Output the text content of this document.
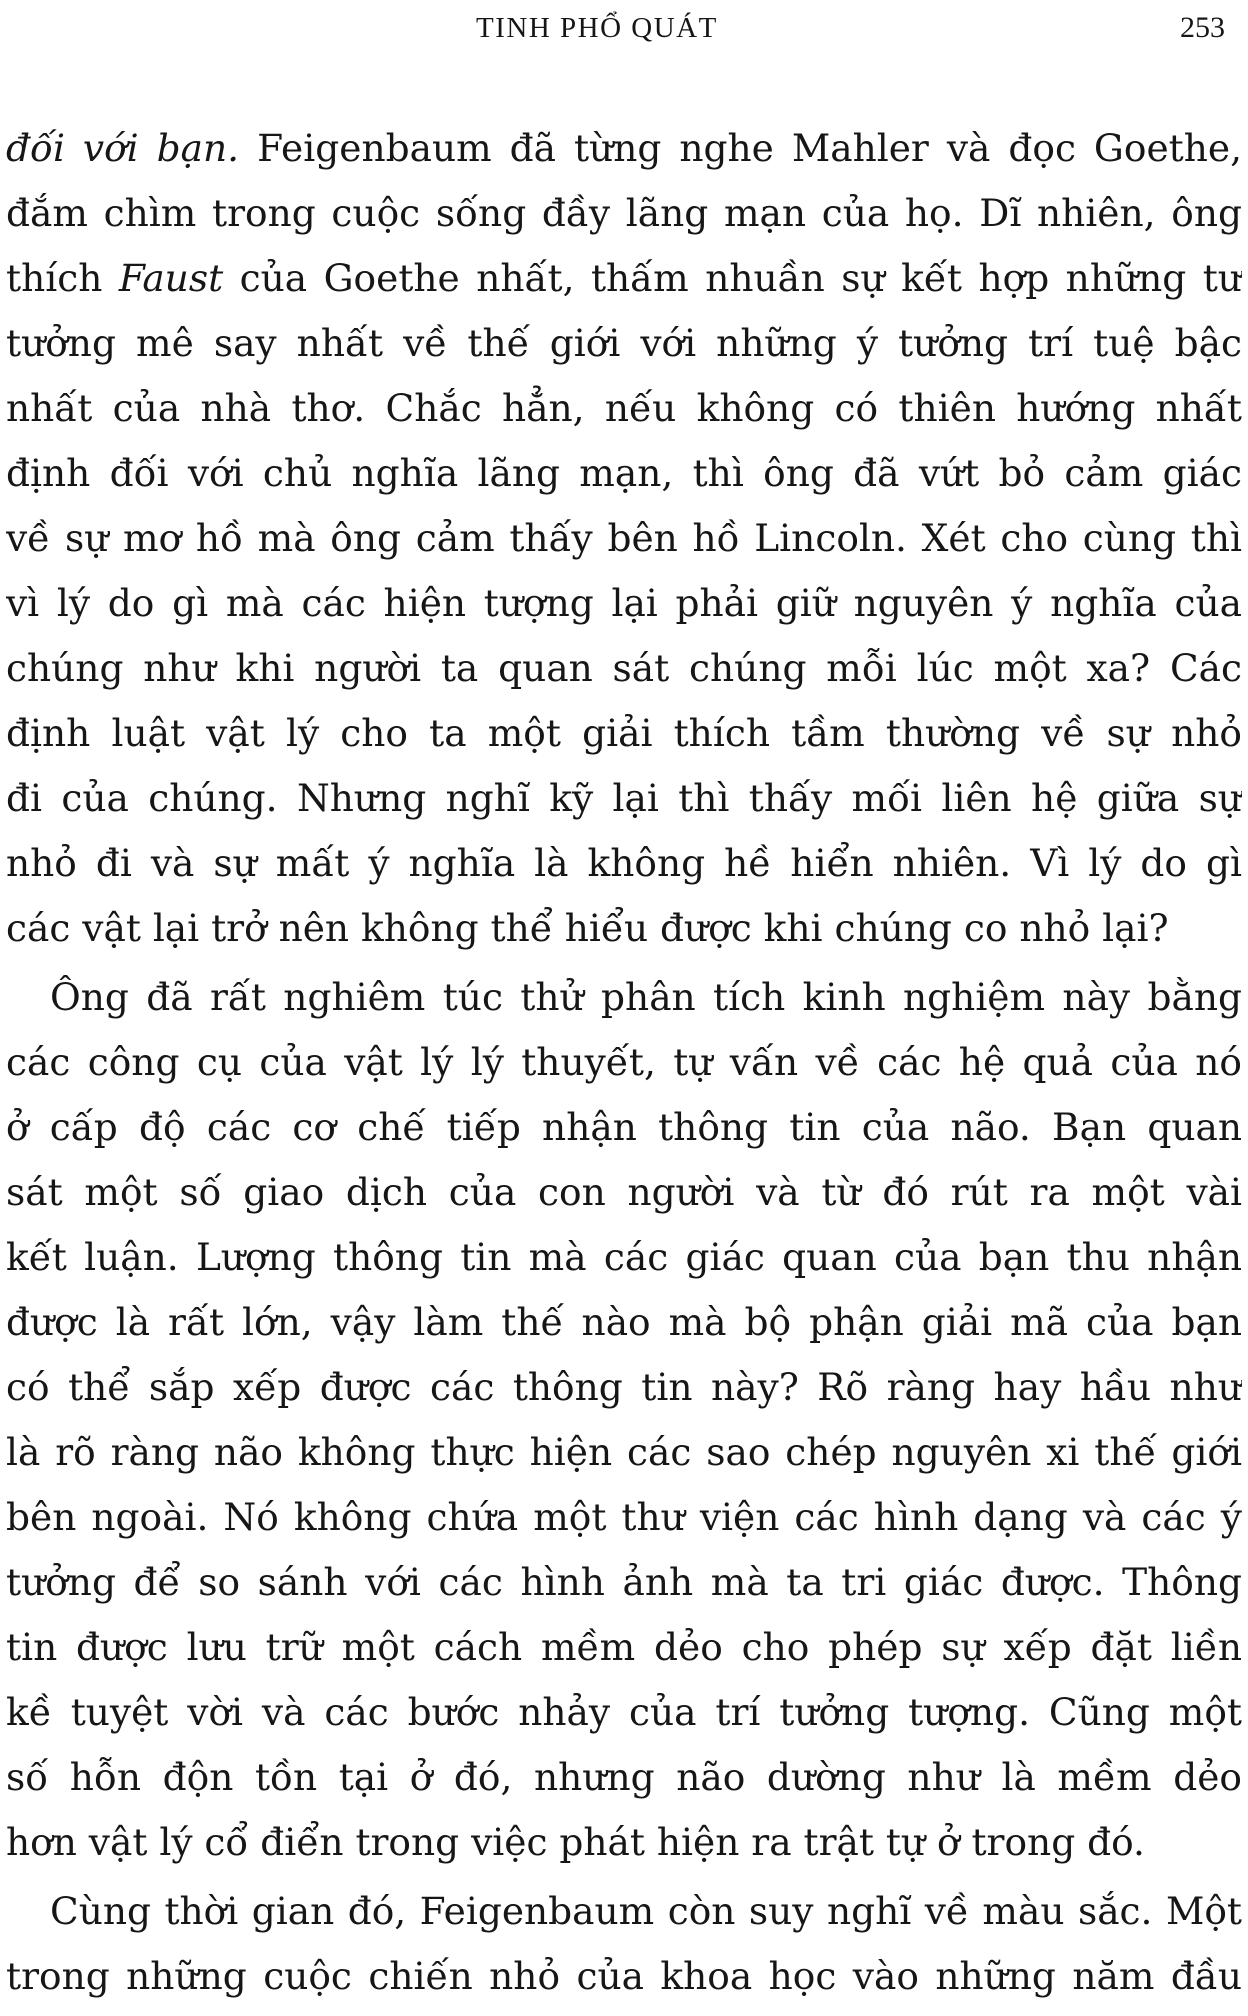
TINH PHỔ QUÁT	253
đối với bạn. Feigenbaum đã từng nghe Mahler và đọc Goethe,
đắm chìm trong cuộc sống đầy lãng mạn của họ. Dĩ nhiên, ông
thích Faust của Goethe nhất, thấm nhuần sự kết hợp những tư
tưởng mê say nhất về thế giới với những ý tưởng trí tuệ bậc
nhất của nhà thơ. Chắc hẳn, nếu không có thiên hướng nhất
định đối với chủ nghĩa lãng mạn, thì ông đã vứt bỏ cảm giác
về sự mơ hồ mà ông cảm thấy bên hồ Lincoln. Xét cho cùng thì
vì lý do gì mà các hiện tượng lại phải giữ nguyên ý nghĩa của
chúng như khi người ta quan sát chúng mỗi lúc một xa? Các
định luật vật lý cho ta một giải thích tầm thường về sự nhỏ
đi của chúng. Nhưng nghĩ kỹ lại thì thấy mối liên hệ giữa sự
nhỏ đi và sự mất ý nghĩa là không hề hiển nhiên. Vì lý do gì
các vật lại trở nên không thể hiểu được khi chúng co nhỏ lại?
Ông đã rất nghiêm túc thử phân tích kinh nghiệm này bằng
các công cụ của vật lý lý thuyết, tự vấn về các hệ quả của nó
ở cấp độ các cơ chế tiếp nhận thông tin của não. Bạn quan
sát một số giao dịch của con người và từ đó rút ra một vài
kết luận. Lượng thông tin mà các giác quan của bạn thu nhận
được là rất lớn, vậy làm thế nào mà bộ phận giải mã của bạn
có thể sắp xếp được các thông tin này? Rõ ràng hay hầu như
là rõ ràng não không thực hiện các sao chép nguyên xi thế giới
bên ngoài. Nó không chứa một thư viện các hình dạng và các ý
tưởng để so sánh với các hình ảnh mà ta tri giác được. Thông
tin được lưu trữ một cách mềm dẻo cho phép sự xếp đặt liền
kề tuyệt vời và các bước nhảy của trí tưởng tượng. Cũng một
số hỗn độn tồn tại ở đó, nhưng não dường như là mềm dẻo
hơn vật lý cổ điển trong việc phát hiện ra trật tự ở trong đó.
Cùng thời gian đó, Feigenbaum còn suy nghĩ về màu sắc. Một
trong những cuộc chiến nhỏ của khoa học vào những năm đầu
